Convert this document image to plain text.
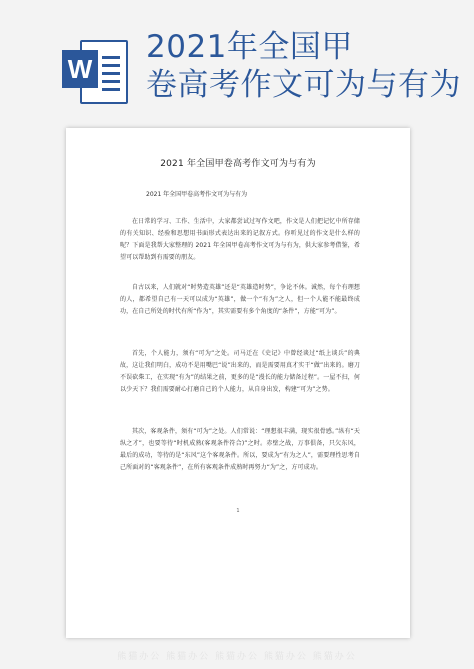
W
2021年全国甲
卷高考作文可为与有为
2021 年全国甲卷高考作文可为与有为
2021 年全国甲卷高考作文可为与有为

在日常的学习、工作、生活中，大家都尝试过写作文吧，作文是人们把记忆中所存储的有关知识、经验和思想用书面形式表达出来的记叙方式。你听见过的作文是什么样的呢？下面是我帮大家整理的 2021 年全国甲卷高考作文可为与有为，供大家参考借鉴，希望可以帮助到有需要的朋友。

自古以来，人们就对“时势造英雄”还是“英雄造时势”，争论不休。诚然，每个有理想的人，都希望自己有一天可以成为“英雄”，做一个“有为”之人，但一个人能不能最终成功，在自己所处的时代有所“作为”，其实需要有多个角度的“条件”，方能“可为”。

首先，个人能力，须有“可为”之处。司马迁在《史记》中曾经谈过“纸上谈兵”的典故，这让我们明白，成功不是用嘴巴“说”出来的，而是需要用真才实干“做”出来的。磨刀不误砍柴工，在实现“有为”的结果之前，更多的是“漫长的能力储备过程”。一屋不扫，何以少天下？我们需要耐心打磨自己的个人能力，从自身出发，构建“可为”之势。

其次，客观条件，须有“可为”之处。人们常说：“理想很丰满，现实很骨感。”纵有“天纵之才”，也要等待“时机成熟(客观条件符合)”之时。赤壁之战，万事俱备，只欠东风，最后的成功，等待的是“东风”这个客观条件。所以，要成为“有为之人”，需要理性思考自己所面对的“客观条件”，在所有客观条件成熟时再努力“为”之，方可成功。

1
熊猫办公 熊猫办公 熊猫办公 熊猫办公 熊猫办公
